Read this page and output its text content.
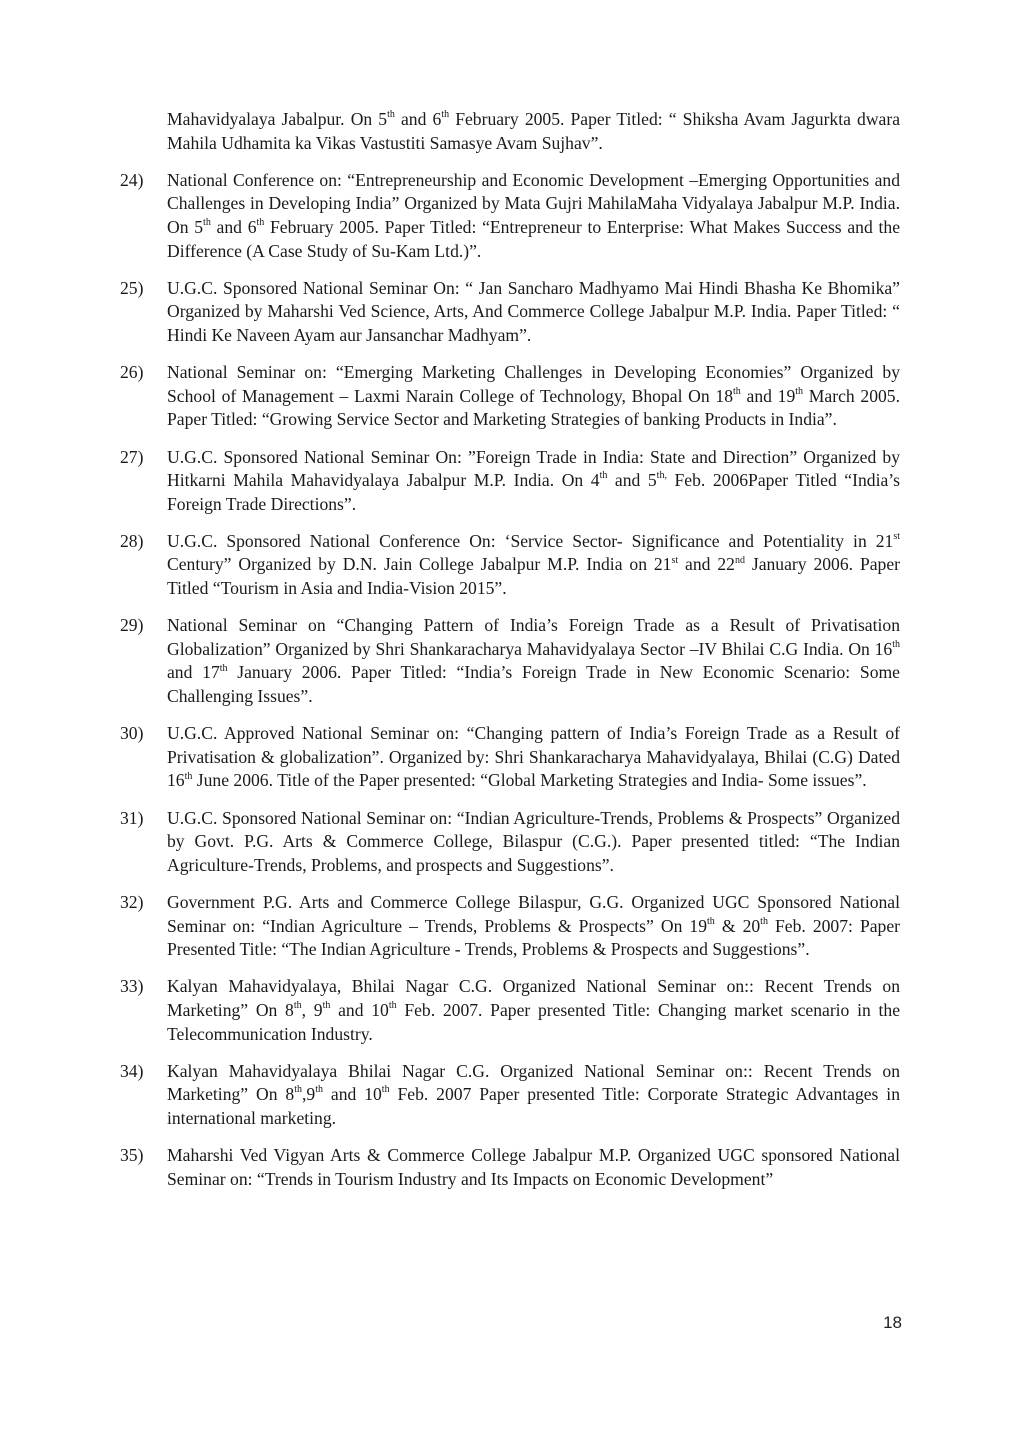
Mahavidyalaya Jabalpur. On 5th and 6th February 2005. Paper Titled: “ Shiksha Avam Jagurkta dwara Mahila Udhamita ka Vikas Vastustiti Samasye Avam Sujhav”.

24)	National Conference on: “Entrepreneurship and Economic Development –Emerging Opportunities and Challenges in Developing India” Organized by Mata Gujri MahilaMaha Vidyalaya Jabalpur M.P. India. On 5th and 6th February 2005. Paper Titled: “Entrepreneur to Enterprise: What Makes Success and the Difference (A Case Study of Su-Kam Ltd.)”.
25)	U.G.C. Sponsored National Seminar On: “ Jan Sancharo Madhyamo Mai Hindi Bhasha Ke Bhomika” Organized by Maharshi Ved Science, Arts, And Commerce College Jabalpur M.P. India. Paper Titled: “ Hindi Ke Naveen Ayam aur Jansanchar Madhyam”.
26)	National Seminar on: “Emerging Marketing Challenges in Developing Economies” Organized by School of Management – Laxmi Narain College of Technology, Bhopal On 18th and 19th March 2005. Paper Titled: “Growing Service Sector and Marketing Strategies of banking Products in India”.
27)	U.G.C. Sponsored National Seminar On: ”Foreign Trade in India: State and Direction” Organized by Hitkarni Mahila Mahavidyalaya Jabalpur M.P. India. On 4th and $5^{th,}$ Feb. 2006Paper Titled “India’s Foreign Trade Directions”.
28)	U.G.C. Sponsored National Conference On: ‘Service Sector- Significance and Potentiality in 21st Century” Organized by D.N. Jain College Jabalpur M.P. India on 21st and 22nd January 2006. Paper Titled “Tourism in Asia and India-Vision 2015”.
29)	National Seminar on “Changing Pattern of India’s Foreign Trade as a Result of Privatisation Globalization” Organized by Shri Shankaracharya Mahavidyalaya Sector –IV Bhilai C.G India. On 16th and 17th January 2006. Paper Titled: “India’s Foreign Trade in New Economic Scenario: Some Challenging Issues”.
30)	U.G.C. Approved National Seminar on: “Changing pattern of India’s Foreign Trade as a Result of Privatisation & globalization”. Organized by: Shri Shankaracharya Mahavidyalaya, Bhilai (C.G) Dated 16th June 2006. Title of the Paper presented: “Global Marketing Strategies and India- Some issues”.
31)	U.G.C. Sponsored National Seminar on: “Indian Agriculture-Trends, Problems & Prospects” Organized by Govt. P.G. Arts & Commerce College, Bilaspur (C.G.). Paper presented titled: “The Indian Agriculture-Trends, Problems, and prospects and Suggestions”.
32)	Government P.G. Arts and Commerce College Bilaspur, G.G. Organized UGC Sponsored National Seminar on: “Indian Agriculture – Trends, Problems & Prospects” On 19th & 20th Feb. 2007: Paper Presented Title: “The Indian Agriculture - Trends, Problems & Prospects and Suggestions”.
33)	Kalyan Mahavidyalaya, Bhilai Nagar C.G. Organized National Seminar on:: Recent Trends on Marketing” On 8th, 9th and 10th Feb. 2007. Paper presented Title: Changing market scenario in the Telecommunication Industry.
34)	Kalyan Mahavidyalaya Bhilai Nagar C.G. Organized National Seminar on:: Recent Trends on Marketing” On 8th,9th and 10th Feb. 2007 Paper presented Title: Corporate Strategic Advantages in international marketing.
35)	Maharshi Ved Vigyan Arts & Commerce College Jabalpur M.P. Organized UGC sponsored National Seminar on: “Trends in Tourism Industry and Its Impacts on Economic Development”
18
